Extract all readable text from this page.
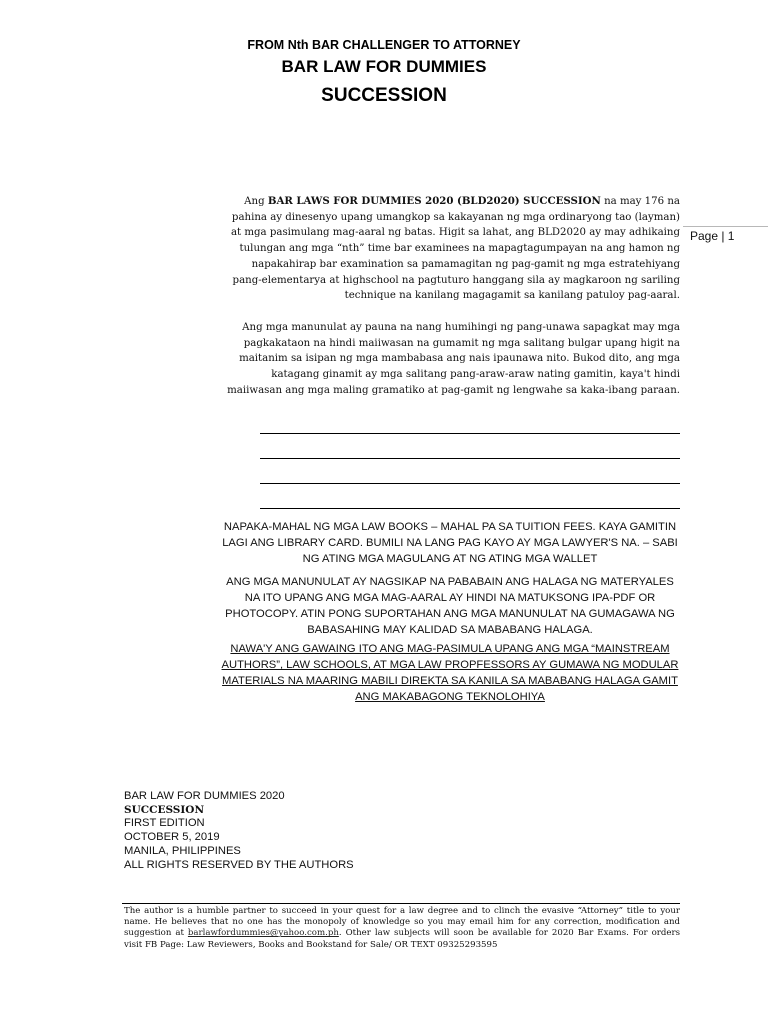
FROM Nth BAR CHALLENGER TO ATTORNEY
BAR LAW FOR DUMMIES
SUCCESSION
Page | 1

Ang BAR LAWS FOR DUMMIES 2020 (BLD2020) SUCCESSION na may 176 na pahina ay dinesenyo upang umangkop sa kakayanan ng mga ordinaryong tao (layman) at mga pasimulang mag-aaral ng batas. Higit sa lahat, ang BLD2020 ay may adhikaing tulungan ang mga “nth” time bar examinees na mapagtagumpayan na ang hamon ng napakahirap bar examination sa pamamagitan ng pag-gamit ng mga estratehiyang pang-elementarya at highschool na pagtuturo hanggang sila ay magkaroon ng sariling technique na kanilang magagamit sa kanilang patuloy pag-aaral.

Ang mga manunulat ay pauna na nang humihingi ng pang-unawa sapagkat may mga pagkakataon na hindi maiiwasan na gumamit ng mga salitang bulgar upang higit na maitanim sa isipan ng mga mambabasa ang nais ipaunawa nito. Bukod dito, ang mga katagang ginamit ay mga salitang pang-araw-araw nating gamitin, kaya't hindi maiiwasan ang mga maling gramatiko at pag-gamit ng lengwahe sa kaka-ibang paraan.

NAPAKA-MAHAL NG MGA LAW BOOKS – MAHAL PA SA TUITION FEES. KAYA GAMITIN LAGI ANG LIBRARY CARD. BUMILI NA LANG PAG KAYO AY MGA LAWYER'S NA. – SABI NG ATING MGA MAGULANG AT NG ATING MGA WALLET

ANG MGA MANUNULAT AY NAGSIKAP NA PABABAIN ANG HALAGA NG MATERYALES NA ITO UPANG ANG MGA MAG-AARAL AY HINDI NA MATUKSONG IPA-PDF OR PHOTOCOPY. ATIN PONG SUPORTAHAN ANG MGA MANUNULAT NA GUMAGAWA NG BABASAHING MAY KALIDAD SA MABABANG HALAGA.

NAWA'Y ANG GAWAING ITO ANG MAG-PASIMULA UPANG ANG MGA “MAINSTREAM AUTHORS”, LAW SCHOOLS, AT MGA LAW PROPFESSORS AY GUMAWA NG MODULAR MATERIALS NA MAARING MABILI DIREKTA SA KANILA SA MABABANG HALAGA GAMIT ANG MAKABAGONG TEKNOLOHIYA

BAR LAW FOR DUMMIES 2020
SUCCESSION
FIRST EDITION
OCTOBER 5, 2019
MANILA, PHILIPPINES
ALL RIGHTS RESERVED BY THE AUTHORS

The author is a humble partner to succeed in your quest for a law degree and to clinch the evasive “Attorney” title to your name. He believes that no one has the monopoly of knowledge so you may email him for any correction, modification and suggestion at barlawfordummies@yahoo.com.ph. Other law subjects will soon be available for 2020 Bar Exams. For orders visit FB Page: Law Reviewers, Books and Bookstand for Sale/ OR TEXT 09325293595
